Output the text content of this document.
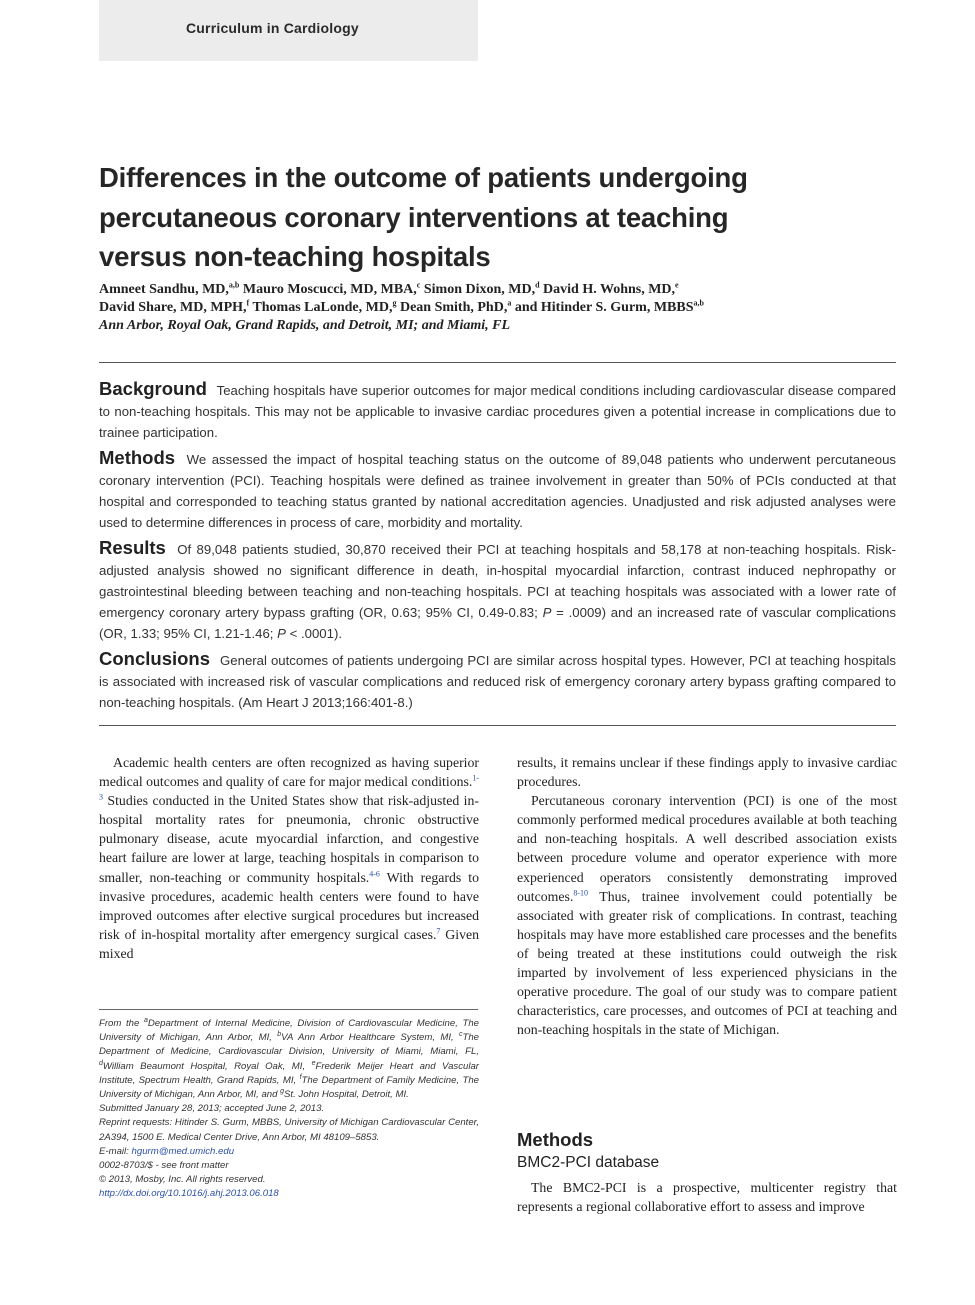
Curriculum in Cardiology
Differences in the outcome of patients undergoing
percutaneous coronary interventions at teaching
versus non-teaching hospitals
Amneet Sandhu, MD,$^{a,b}$ Mauro Moscucci, MD, MBA,$^c$ Simon Dixon, MD,$^d$ David H. Wohns, MD,$^e$
David Share, MD, MPH,$^f$ Thomas LaLonde, MD,$^g$ Dean Smith, PhD,$^a$ and Hitinder S. Gurm, MBBS$^{a,b}$
Ann Arbor, Royal Oak, Grand Rapids, and Detroit, MI; and Miami, FL

Background Teaching hospitals have superior outcomes for major medical conditions including cardiovascular disease compared to non-teaching hospitals. This may not be applicable to invasive cardiac procedures given a potential increase in complications due to trainee participation.

Methods We assessed the impact of hospital teaching status on the outcome of 89,048 patients who underwent percutaneous coronary intervention (PCI). Teaching hospitals were defined as trainee involvement in greater than 50% of PCIs conducted at that hospital and corresponded to teaching status granted by national accreditation agencies. Unadjusted and risk adjusted analyses were used to determine differences in process of care, morbidity and mortality.

Results Of 89,048 patients studied, 30,870 received their PCI at teaching hospitals and 58,178 at non-teaching hospitals. Risk-adjusted analysis showed no significant difference in death, in-hospital myocardial infarction, contrast induced nephropathy or gastrointestinal bleeding between teaching and non-teaching hospitals. PCI at teaching hospitals was associated with a lower rate of emergency coronary artery bypass grafting (OR, 0.63; 95% CI, 0.49-0.83; P = .0009) and an increased rate of vascular complications (OR, 1.33; 95% CI, 1.21-1.46; P < .0001).

Conclusions General outcomes of patients undergoing PCI are similar across hospital types. However, PCI at teaching hospitals is associated with increased risk of vascular complications and reduced risk of emergency coronary artery bypass grafting compared to non-teaching hospitals. (Am Heart J 2013;166:401-8.)

Academic health centers are often recognized as having superior medical outcomes and quality of care for major medical conditions.$^{1-3}$ Studies conducted in the United States show that risk-adjusted in-hospital mortality rates for pneumonia, chronic obstructive pulmonary disease, acute myocardial infarction, and congestive heart failure are lower at large, teaching hospitals in comparison to smaller, non-teaching or community hospitals.$^{4-6}$ With regards to invasive procedures, academic health centers were found to have improved outcomes after elective surgical procedures but increased risk of in-hospital mortality after emergency surgical cases.$^7$ Given mixed

From the $^a$Department of Internal Medicine, Division of Cardiovascular Medicine, The University of Michigan, Ann Arbor, MI, $^b$VA Ann Arbor Healthcare System, MI, $^c$The Department of Medicine, Cardiovascular Division, University of Miami, Miami, FL, $^d$William Beaumont Hospital, Royal Oak, MI, $^e$Frederik Meijer Heart and Vascular Institute, Spectrum Health, Grand Rapids, MI, $^f$The Department of Family Medicine, The University of Michigan, Ann Arbor, MI, and $^g$St. John Hospital, Detroit, MI.

Submitted January 28, 2013; accepted June 2, 2013.

Reprint requests: Hitinder S. Gurm, MBBS, University of Michigan Cardiovascular Center, 2A394, 1500 E. Medical Center Drive, Ann Arbor, MI 48109–5853.

E-mail: hgurm@med.umich.edu

0002-8703/$ - see front matter

© 2013, Mosby, Inc. All rights reserved.

http://dx.doi.org/10.1016/j.ahj.2013.06.018

results, it remains unclear if these findings apply to invasive cardiac procedures.

Percutaneous coronary intervention (PCI) is one of the most commonly performed medical procedures available at both teaching and non-teaching hospitals. A well described association exists between procedure volume and operator experience with more experienced operators consistently demonstrating improved outcomes.$^{8-10}$ Thus, trainee involvement could potentially be associated with greater risk of complications. In contrast, teaching hospitals may have more established care processes and the benefits of being treated at these institutions could outweigh the risk imparted by involvement of less experienced physicians in the operative procedure. The goal of our study was to compare patient characteristics, care processes, and outcomes of PCI at teaching and non-teaching hospitals in the state of Michigan.

Methods
BMC2-PCI database

The BMC2-PCI is a prospective, multicenter registry that represents a regional collaborative effort to assess and improve
